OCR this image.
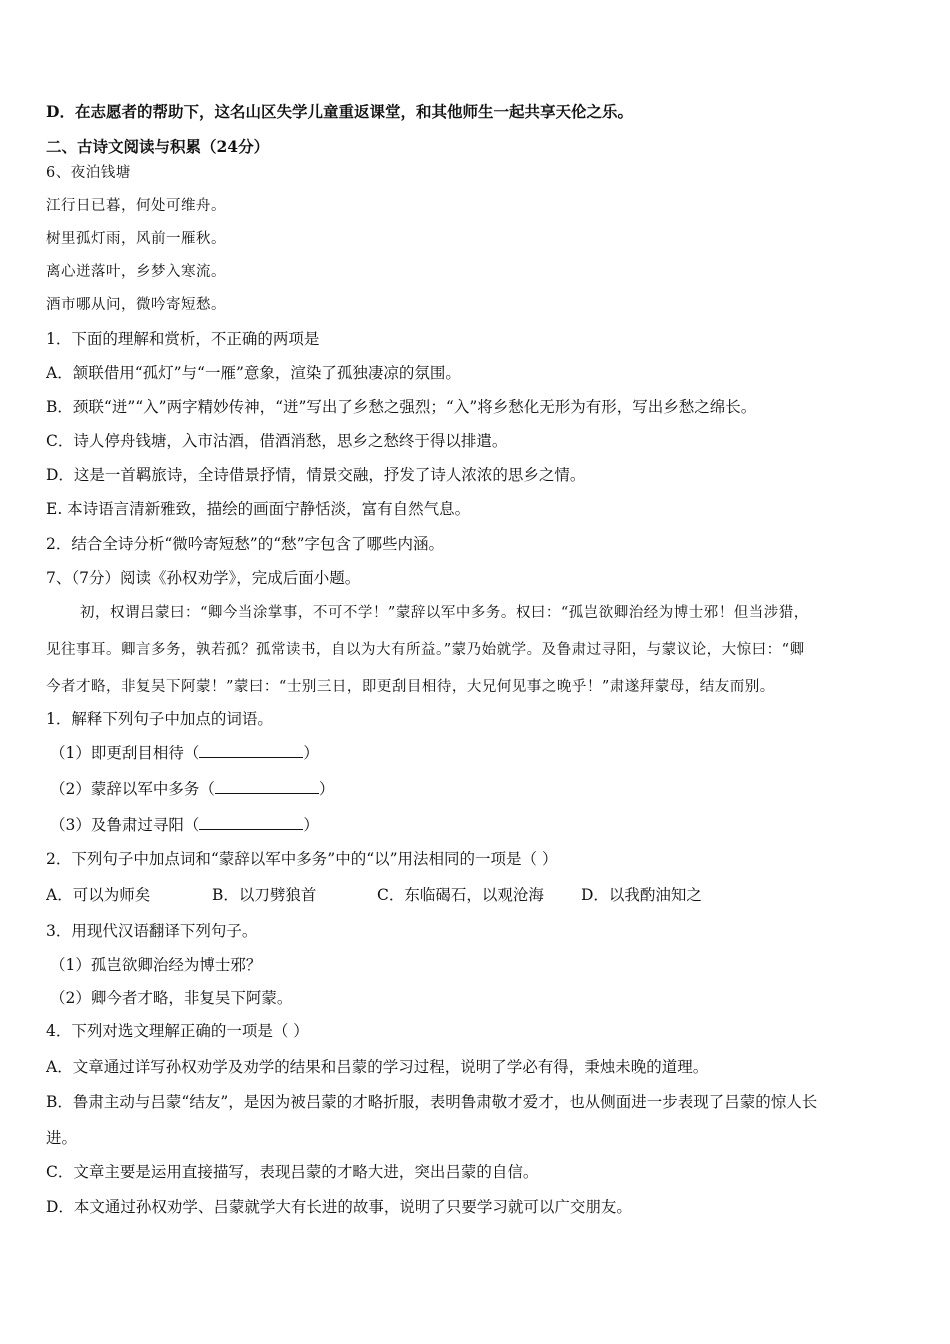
D．在志愿者的帮助下，这名山区失学儿童重返课堂，和其他师生一起共享天伦之乐。
二、古诗文阅读与积累（24分）
6、夜泊钱塘
江行日已暮，何处可维舟。
树里孤灯雨，风前一雁秋。
离心迸落叶，乡梦入寒流。
酒市哪从问，微吟寄短愁。
1．下面的理解和赏析，不正确的两项是
A．颔联借用“孤灯”与“一雁”意象，渲染了孤独凄凉的氛围。
B．颈联“迸”“入”两字精妙传神，“迸”写出了乡愁之强烈；“入”将乡愁化无形为有形，写出乡愁之绵长。
C．诗人停舟钱塘，入市沽酒，借酒消愁，思乡之愁终于得以排遣。
D．这是一首羁旅诗，全诗借景抒情，情景交融，抒发了诗人浓浓的思乡之情。
E. 本诗语言清新雅致，描绘的画面宁静恬淡，富有自然气息。
2．结合全诗分析“微吟寄短愁”的“愁”字包含了哪些内涵。
7、（7分）阅读《孙权劝学》，完成后面小题。
初，权谓吕蒙曰：“卿今当涂掌事，不可不学！”蒙辞以军中多务。权曰：“孤岂欲卿治经为博士邪！但当涉猎，
见往事耳。卿言多务，孰若孤？孤常读书，自以为大有所益。”蒙乃始就学。及鲁肃过寻阳，与蒙议论，大惊曰：“卿
今者才略，非复吴下阿蒙！”蒙曰：“士别三日，即更刮目相待，大兄何见事之晚乎！”肃遂拜蒙母，结友而别。
1．解释下列句子中加点的词语。
（1）即更刮目相待（	）
（2）蒙辞以军中多务（	）
（3）及鲁肃过寻阳（	）
2．下列句子中加点词和“蒙辞以军中多务”中的“以”用法相同的一项是（ ）
A．可以为师矣	B．以刀劈狼首	C．东临碣石，以观沧海 D．以我酌油知之
3．用现代汉语翻译下列句子。
（1）孤岂欲卿治经为博士邪？
（2）卿今者才略，非复吴下阿蒙。
4．下列对选文理解正确的一项是（ ）
A．文章通过详写孙权劝学及劝学的结果和吕蒙的学习过程，说明了学必有得，秉烛未晚的道理。
B．鲁肃主动与吕蒙“结友”，是因为被吕蒙的才略折服，表明鲁肃敬才爱才，也从侧面进一步表现了吕蒙的惊人长
进。
C．文章主要是运用直接描写，表现吕蒙的才略大进，突出吕蒙的自信。
D．本文通过孙权劝学、吕蒙就学大有长进的故事，说明了只要学习就可以广交朋友。
